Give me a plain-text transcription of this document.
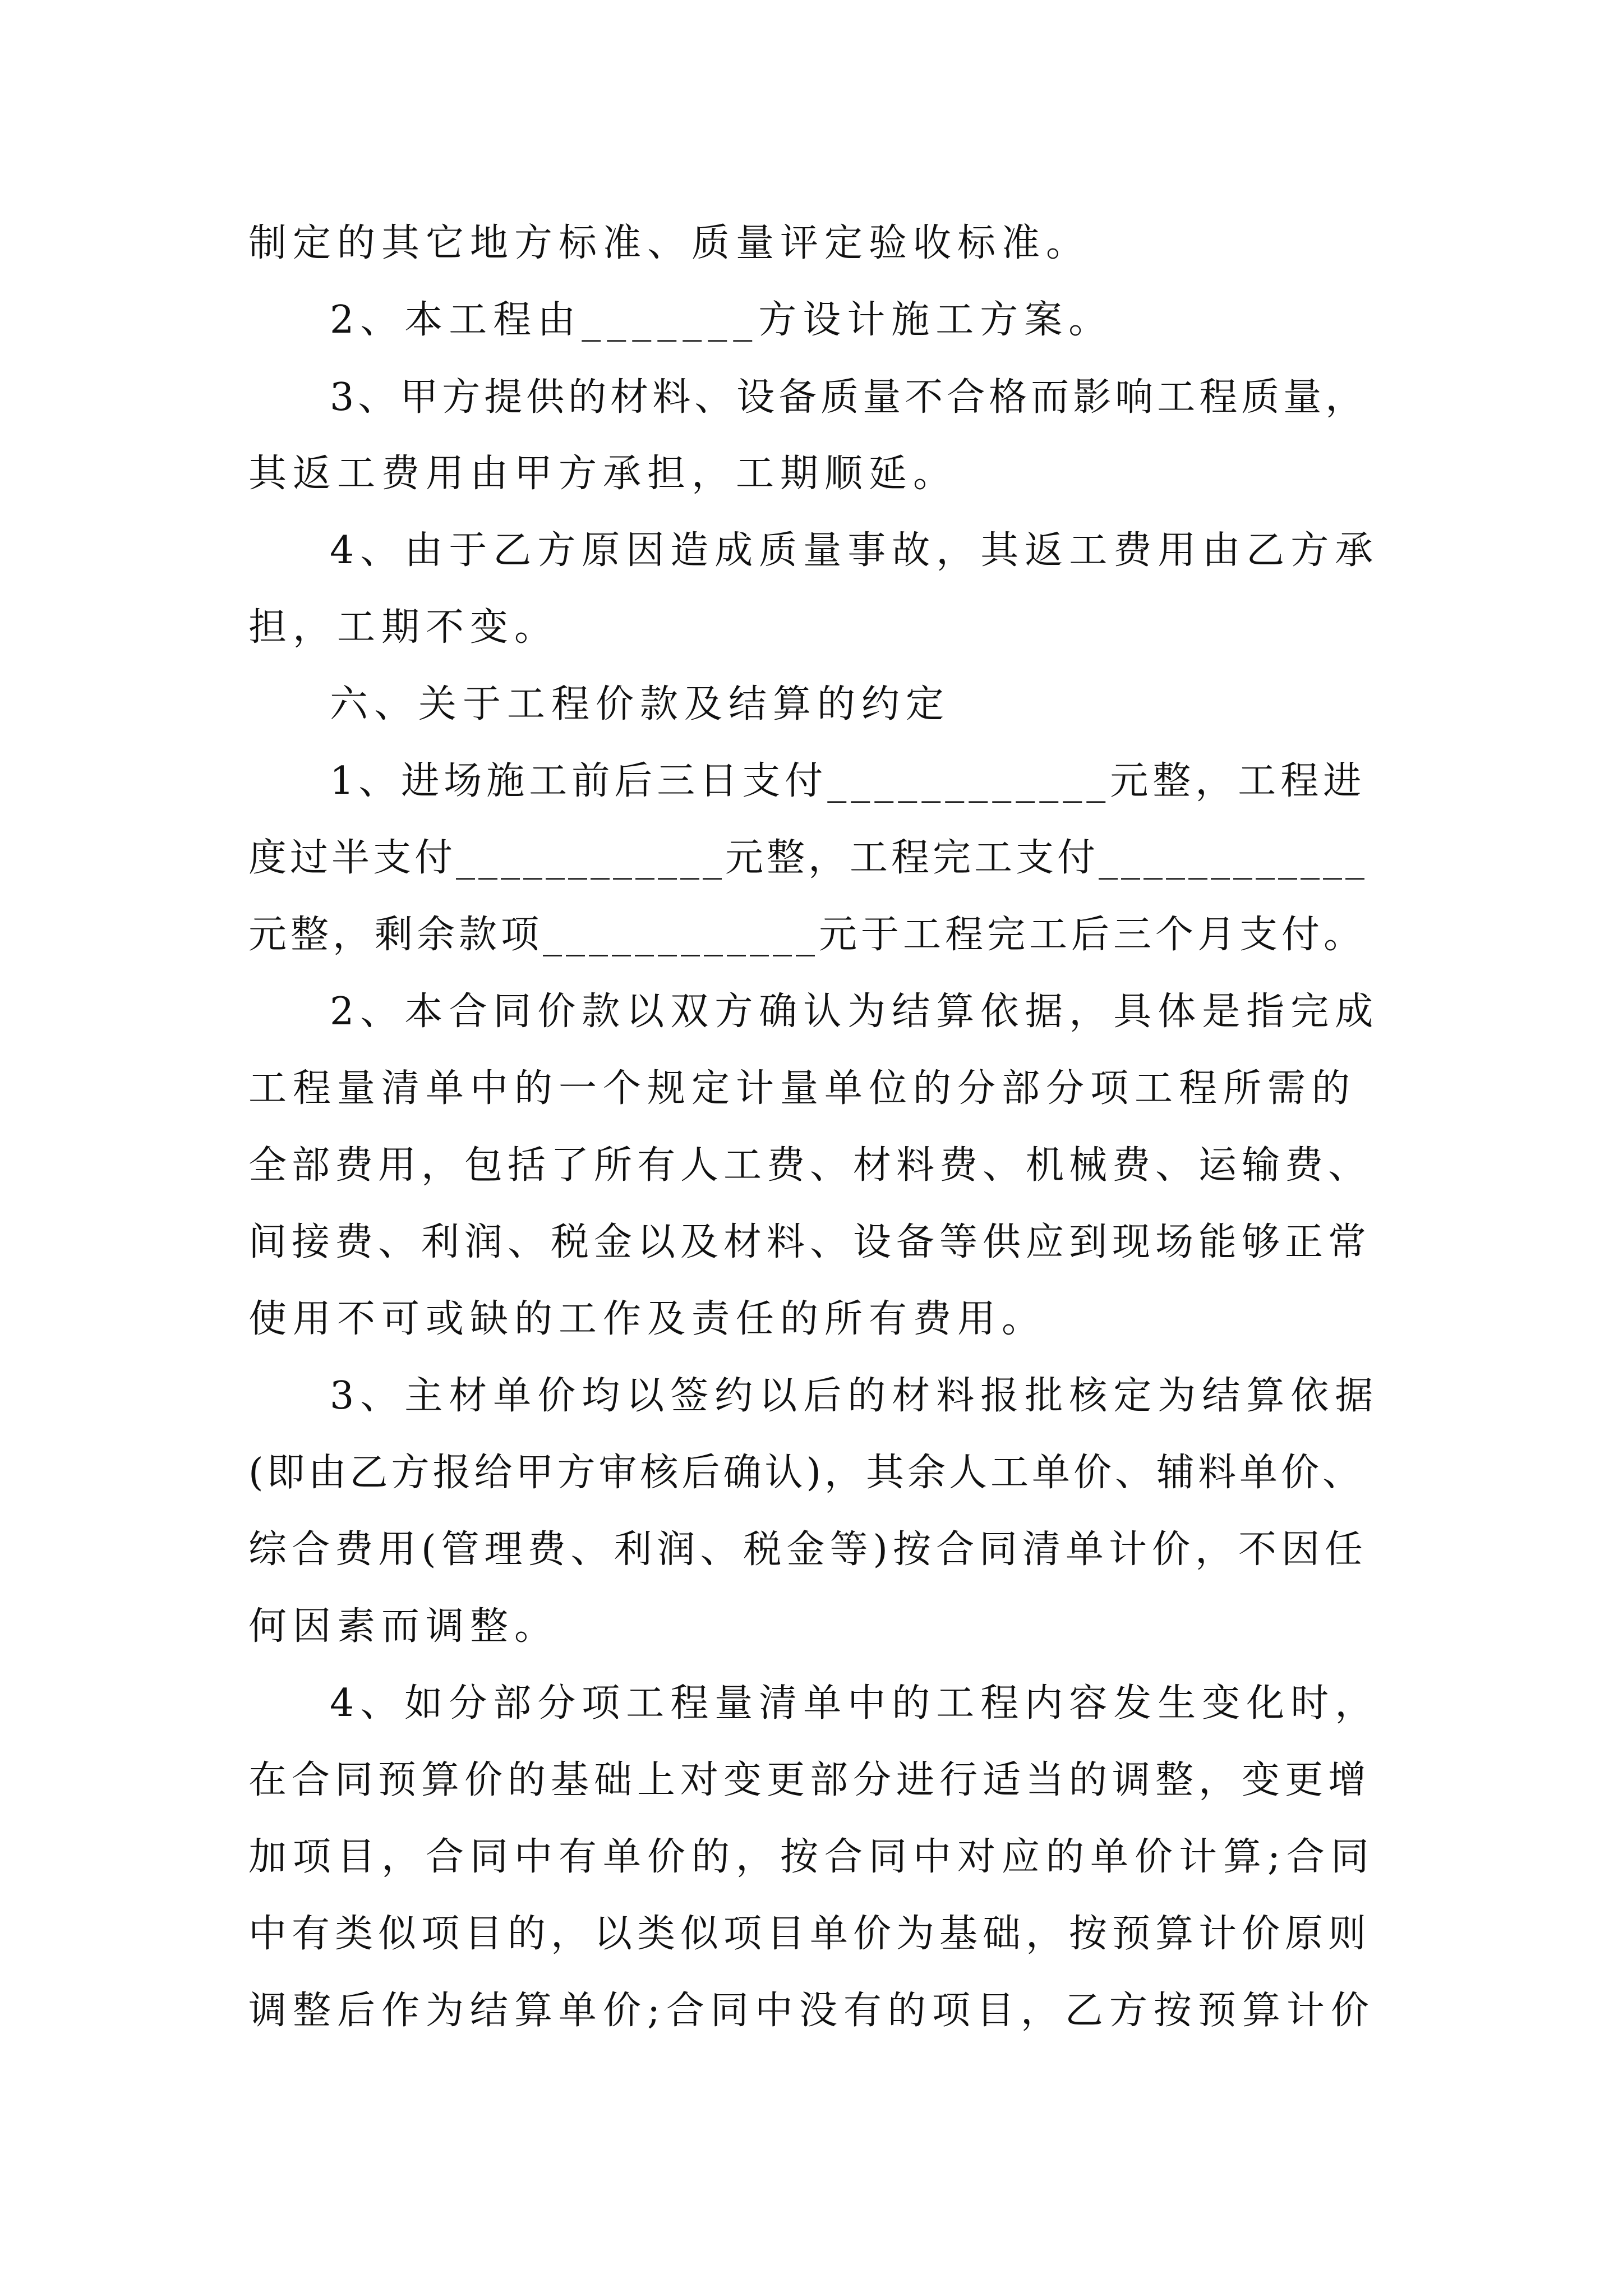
制定的其它地方标准、质量评定验收标准。
2、本工程由_______方设计施工方案。
3、甲方提供的材料、设备质量不合格而影响工程质量，
其返工费用由甲方承担，工期顺延。
4、由于乙方原因造成质量事故，其返工费用由乙方承
担，工期不变。
六、关于工程价款及结算的约定
1、进场施工前后三日支付____________元整，工程进
度过半支付____________元整，工程完工支付____________
元整，剩余款项____________元于工程完工后三个月支付。
2、本合同价款以双方确认为结算依据，具体是指完成
工程量清单中的一个规定计量单位的分部分项工程所需的
全部费用，包括了所有人工费、材料费、机械费、运输费、
间接费、利润、税金以及材料、设备等供应到现场能够正常
使用不可或缺的工作及责任的所有费用。
3、主材单价均以签约以后的材料报批核定为结算依据
(即由乙方报给甲方审核后确认)，其余人工单价、辅料单价、
综合费用(管理费、利润、税金等)按合同清单计价，不因任
何因素而调整。
4、如分部分项工程量清单中的工程内容发生变化时，
在合同预算价的基础上对变更部分进行适当的调整，变更增
加项目，合同中有单价的，按合同中对应的单价计算;合同
中有类似项目的，以类似项目单价为基础，按预算计价原则
调整后作为结算单价;合同中没有的项目，乙方按预算计价
